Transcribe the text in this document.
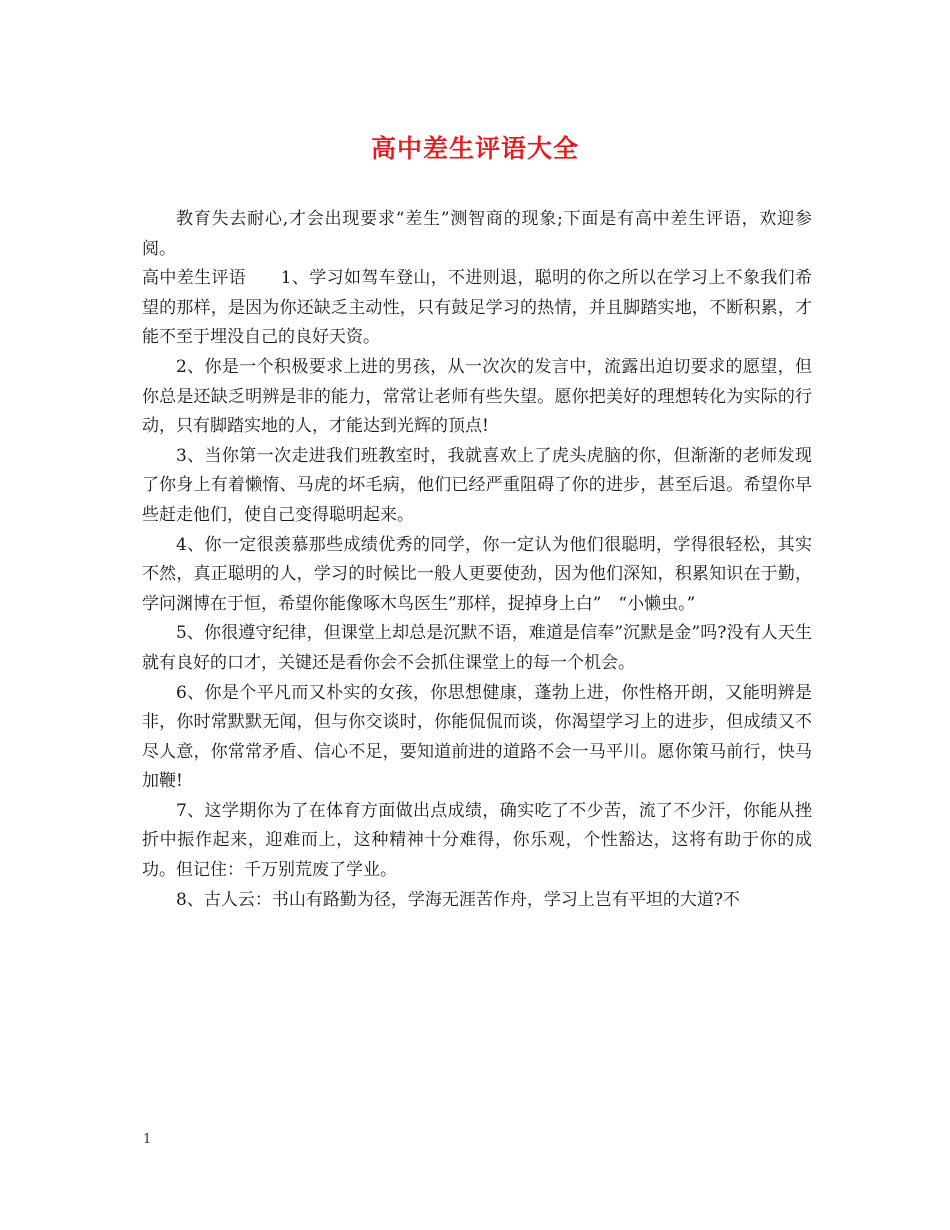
高中差生评语大全

教育失去耐心,才会出现要求“差生”测智商的现象;下面是有高中差生评语，欢迎参阅。

高中差生评语　　1、学习如驾车登山，不进则退，聪明的你之所以在学习上不象我们希望的那样，是因为你还缺乏主动性，只有鼓足学习的热情，并且脚踏实地，不断积累，才能不至于埋没自己的良好天资。

2、你是一个积极要求上进的男孩，从一次次的发言中，流露出迫切要求的愿望，但你总是还缺乏明辨是非的能力，常常让老师有些失望。愿你把美好的理想转化为实际的行动，只有脚踏实地的人，才能达到光辉的顶点!

3、当你第一次走进我们班教室时，我就喜欢上了虎头虎脑的你，但渐渐的老师发现了你身上有着懒惰、马虎的坏毛病，他们已经严重阻碍了你的进步，甚至后退。希望你早些赶走他们，使自己变得聪明起来。

4、你一定很羡慕那些成绩优秀的同学，你一定认为他们很聪明，学得很轻松，其实不然，真正聪明的人，学习的时候比一般人更要使劲，因为他们深知，积累知识在于勤，学问渊博在于恒，希望你能像啄木鸟医生”那样，捉掉身上白”　“小懒虫。”

5、你很遵守纪律，但课堂上却总是沉默不语，难道是信奉”沉默是金”吗?没有人天生就有良好的口才，关键还是看你会不会抓住课堂上的每一个机会。

6、你是个平凡而又朴实的女孩，你思想健康，蓬勃上进，你性格开朗，又能明辨是非，你时常默默无闻，但与你交谈时，你能侃侃而谈，你渴望学习上的进步，但成绩又不尽人意，你常常矛盾、信心不足，要知道前进的道路不会一马平川。愿你策马前行，快马加鞭!

7、这学期你为了在体育方面做出点成绩，确实吃了不少苦，流了不少汗，你能从挫折中振作起来，迎难而上，这种精神十分难得，你乐观，个性豁达，这将有助于你的成功。但记住：千万别荒废了学业。

8、古人云：书山有路勤为径，学海无涯苦作舟，学习上岂有平坦的大道?不

1
